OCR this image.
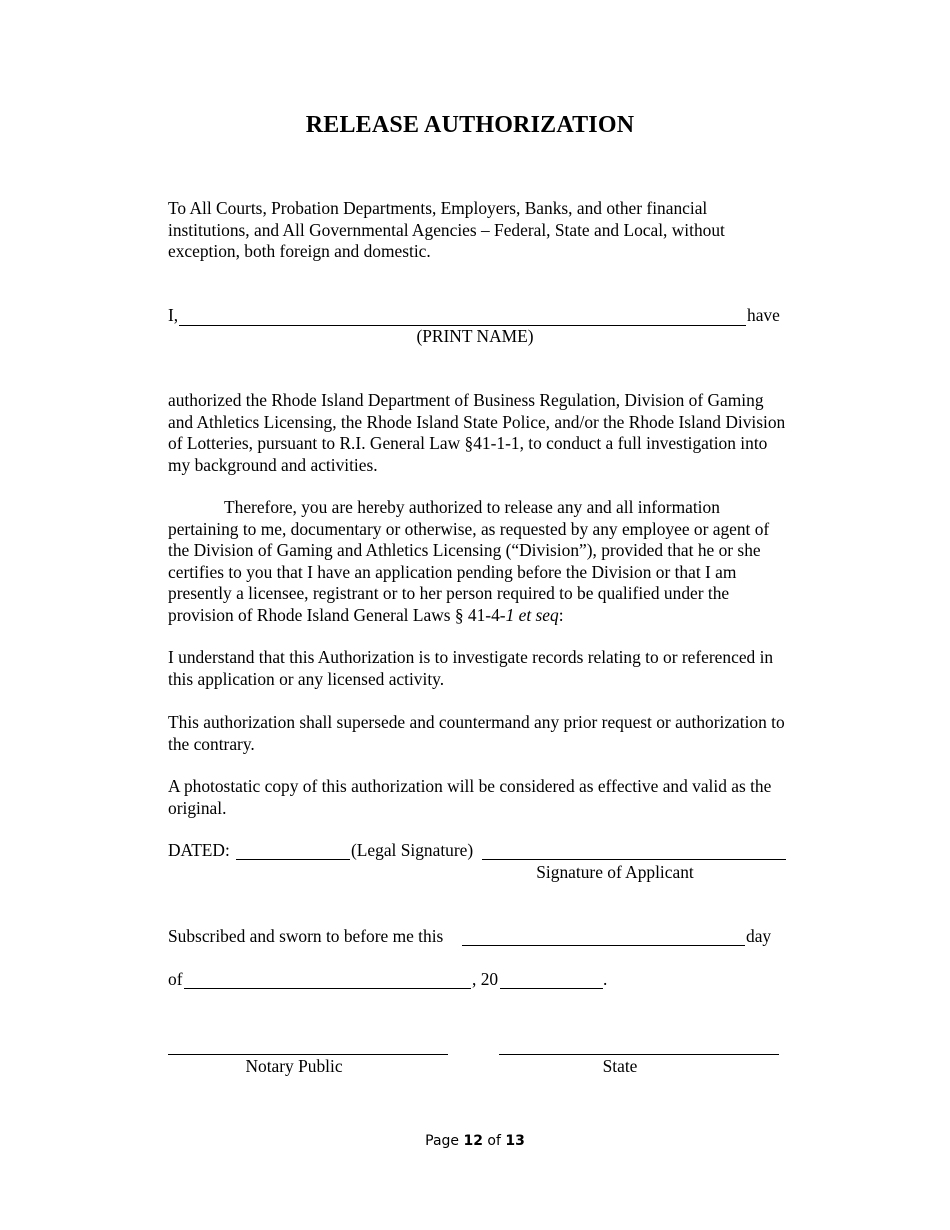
RELEASE AUTHORIZATION
To All Courts, Probation Departments, Employers, Banks, and other financial institutions, and All Governmental Agencies – Federal, State and Local, without exception, both foreign and domestic.
I,	have
(PRINT NAME)
authorized the Rhode Island Department of Business Regulation, Division of Gaming and Athletics Licensing, the Rhode Island State Police, and/or the Rhode Island Division of Lotteries, pursuant to R.I. General Law §41-1-1, to conduct a full investigation into my background and activities.
Therefore, you are hereby authorized to release any and all information pertaining to me, documentary or otherwise, as requested by any employee or agent of the Division of Gaming and Athletics Licensing (“Division”), provided that he or she certifies to you that I have an application pending before the Division or that I am presently a licensee, registrant or to her person required to be qualified under the provision of Rhode Island General Laws § 41-4-1 et seq:
I understand that this Authorization is to investigate records relating to or referenced in this application or any licensed activity.
This authorization shall supersede and countermand any prior request or authorization to the contrary.
A photostatic copy of this authorization will be considered as effective and valid as the original.
DATED:	(Legal Signature)
Signature of Applicant
Subscribed and sworn to before me this	day
of	, 20	.
Notary Public	State
Page 12 of 13
